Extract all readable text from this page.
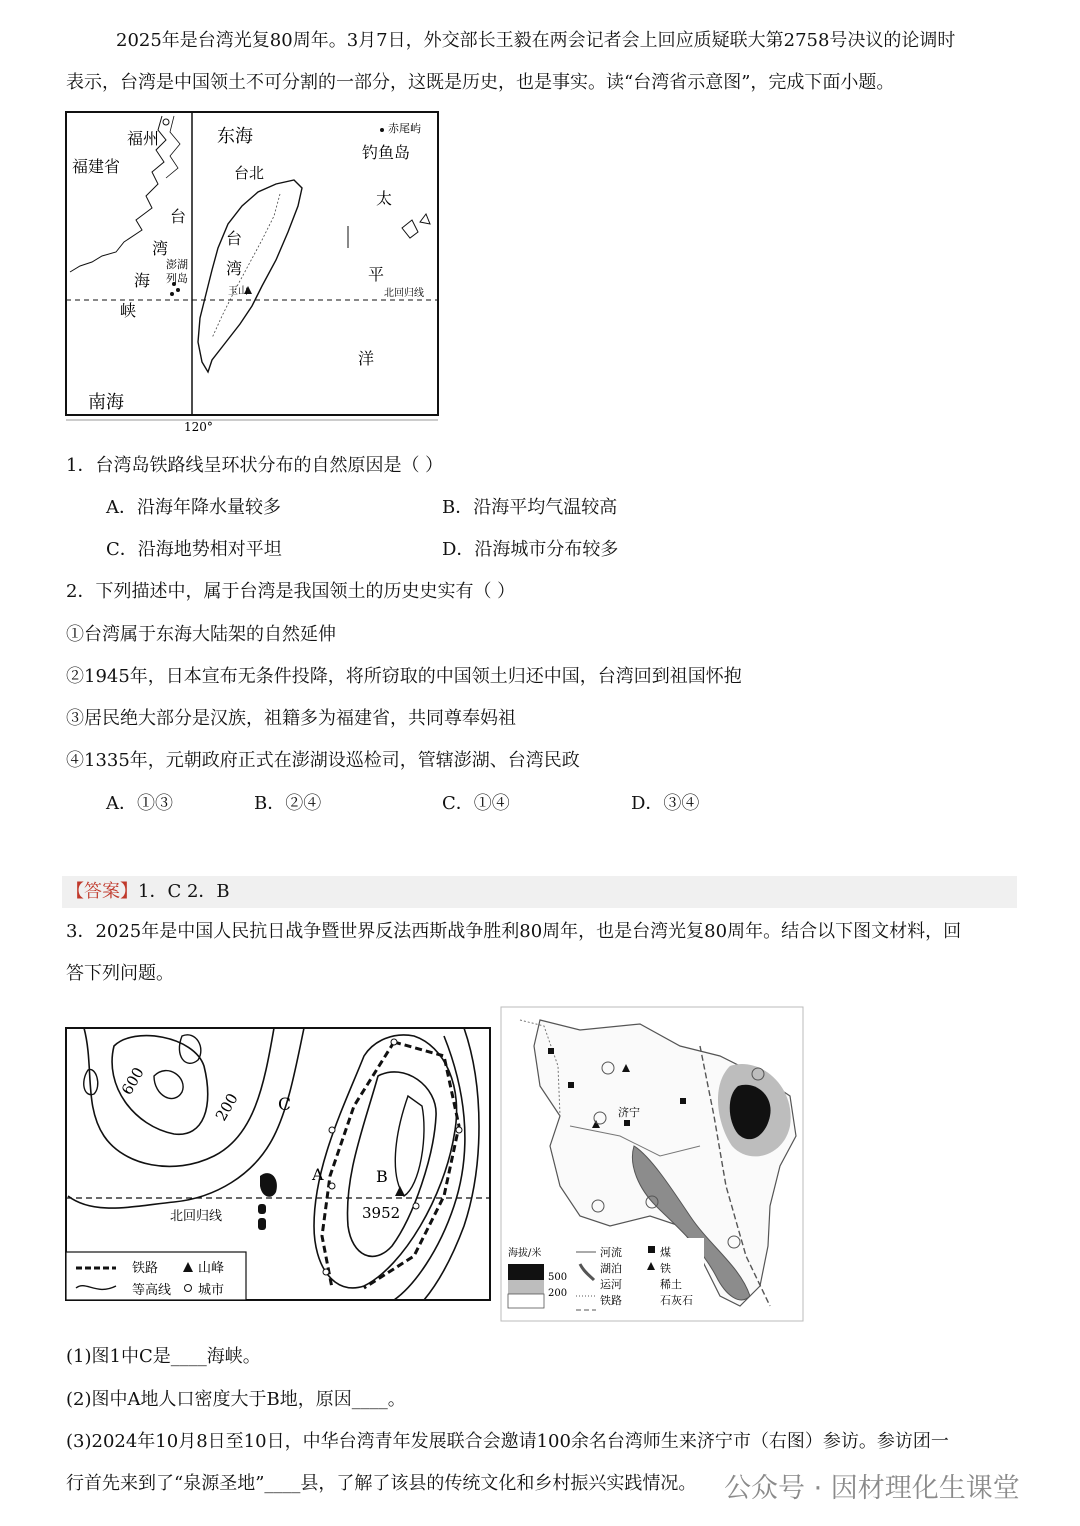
2025年是台湾光复80周年。3月7日，外交部长王毅在两会记者会上回应质疑联大第2758号决议的论调时
表示，台湾是中国领土不可分割的一部分，这既是历史，也是事实。读“台湾省示意图”，完成下面小题。
福州
福建省
东海	赤尾屿
钓鱼岛
台北
台
湾
海
峡
澎湖
列岛
台
湾
玉山	北回归线
太
平
洋
南海
120°
1．台湾岛铁路线呈环状分布的自然原因是（ ）
A．沿海年降水量较多	B．沿海平均气温较高
C．沿海地势相对平坦	D．沿海城市分布较多
2．下列描述中，属于台湾是我国领土的历史史实有（ ）
①台湾属于东海大陆架的自然延伸
②1945年，日本宣布无条件投降，将所窃取的中国领土归还中国，台湾回到祖国怀抱
③居民绝大部分是汉族，祖籍多为福建省，共同尊奉妈祖
④1335年，元朝政府正式在澎湖设巡检司，管辖澎湖、台湾民政
A．①③	B．②④	C．①④	D．③④
【答案】1．C 2．B
3．2025年是中国人民抗日战争暨世界反法西斯战争胜利80周年，也是台湾光复80周年。结合以下图文材料，回
答下列问题。
600
200 C
A	B
3952
北回归线
铁路
等高线
山峰
城市
海拔/米
500
200
河流
湖泊
运河
铁路
煤
铁
稀土
石灰石
济宁
(1)图1中C是____海峡。
(2)图中A地人口密度大于B地，原因____。
(3)2024年10月8日至10日，中华台湾青年发展联合会邀请100余名台湾师生来济宁市（右图）参访。参访团一
行首先来到了“泉源圣地”____县，了解了该县的传统文化和乡村振兴实践情况。 公众号 · 因材理化生课堂
